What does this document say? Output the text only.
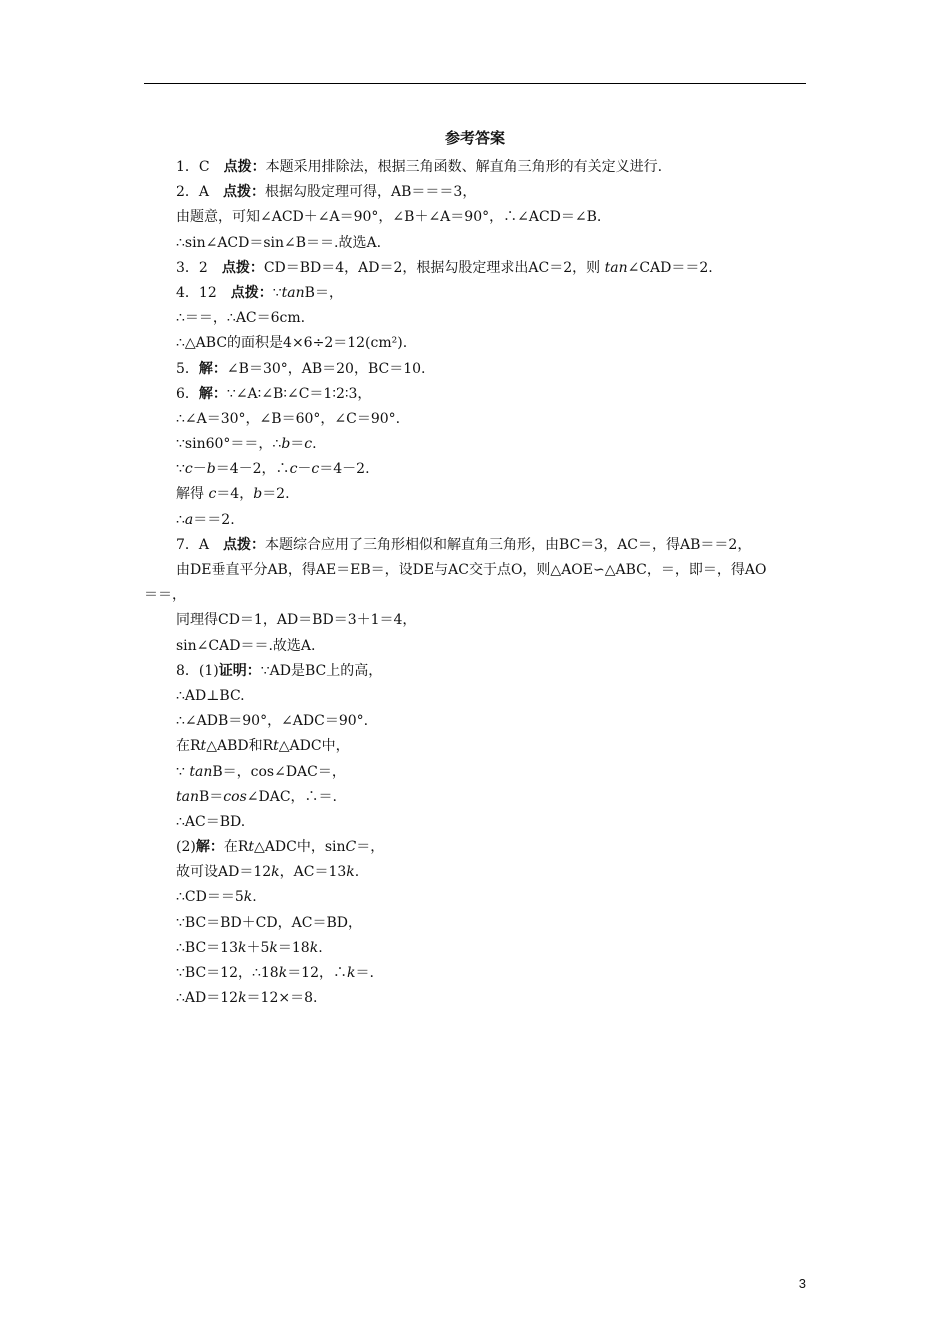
参考答案
1．C　点拨：本题采用排除法，根据三角函数、解直角三角形的有关定义进行.
2．A　点拨：根据勾股定理可得，AB＝＝＝3，
由题意，可知∠ACD＋∠A＝90°，∠B＋∠A＝90°，∴∠ACD＝∠B.
∴sin∠ACD＝sin∠B＝＝.故选A.
3．2　点拨：CD＝BD＝4，AD＝2，根据勾股定理求出AC＝2，则 tan∠CAD＝＝2.
4．12　点拨：∵tanB＝，
∴＝＝，∴AC＝6cm.
∴△ABC的面积是4×6÷2＝12(cm²).
5．解：∠B＝30°，AB＝20，BC＝10.
6．解：∵∠A∶∠B∶∠C＝1∶2∶3，
∴∠A＝30°，∠B＝60°，∠C＝90°.
∵sin60°＝＝，∴b＝c.
∵c－b＝4－2，∴c－c＝4－2.
解得 c＝4，b＝2.
∴a＝＝2.
7．A　点拨：本题综合应用了三角形相似和解直角三角形，由BC＝3，AC＝，得AB＝＝2，
由DE垂直平分AB，得AE＝EB＝，设DE与AC交于点O，则△AOE∽△ABC，＝，即＝，得AO
＝＝，
同理得CD＝1，AD＝BD＝3＋1＝4，
sin∠CAD＝＝.故选A.
8．(1)证明：∵AD是BC上的高，
∴AD⊥BC.
∴∠ADB＝90°，∠ADC＝90°.
在Rt△ABD和Rt△ADC中，
∵ tanB＝，cos∠DAC＝，
tanB＝cos∠DAC，∴＝.
∴AC＝BD.
(2)解：在Rt△ADC中，sinC＝，
故可设AD＝12k，AC＝13k.
∴CD＝＝5k.
∵BC＝BD＋CD，AC＝BD，
∴BC＝13k＋5k＝18k.
∵BC＝12，∴18k＝12，∴k＝.
∴AD＝12k＝12×＝8.
3
